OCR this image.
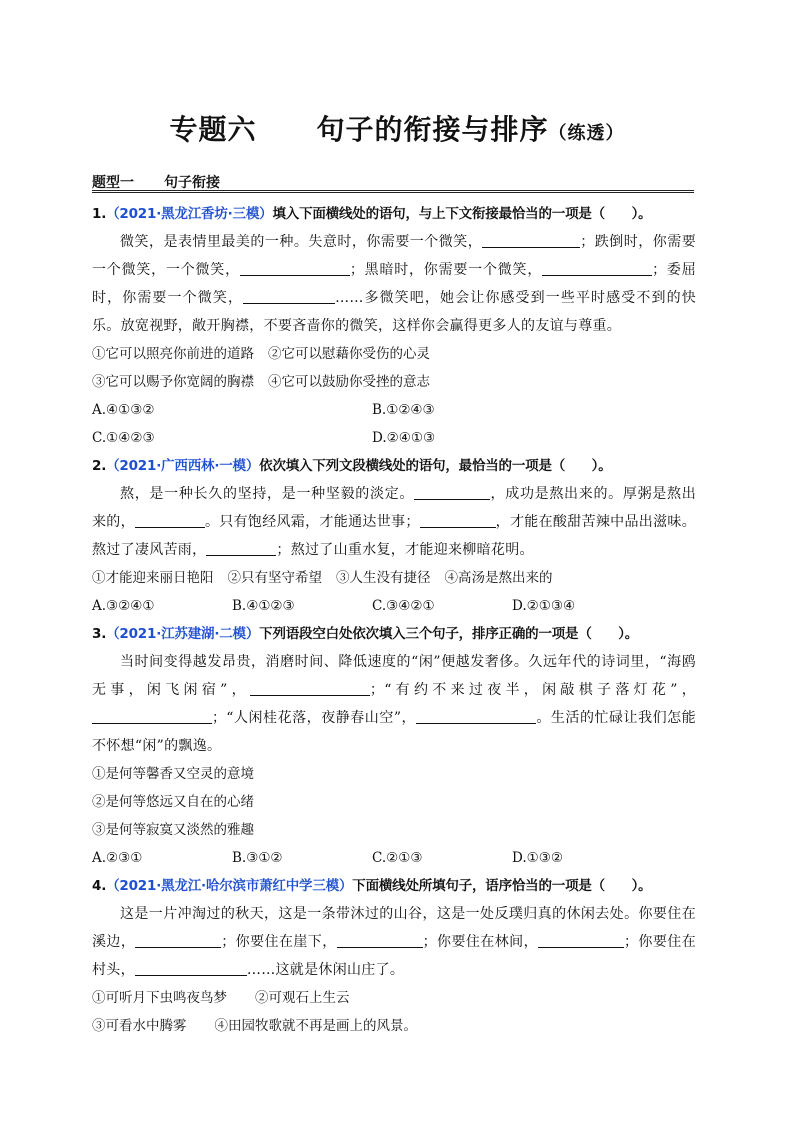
专题六 句子的衔接与排序（练透）
题型一 句子衔接
1.（2021·黑龙江香坊·三模）填入下面横线处的语句，与上下文衔接最恰当的一项是（　　）。
微笑，是表情里最美的一种。失意时，你需要一个微笑，	；跌倒时，你需要一个微笑，一个微笑，	；黑暗时，你需要一个微笑，	；委屈时，你需要一个微笑，	……多微笑吧，她会让你感受到一些平时感受不到的快乐。放宽视野，敞开胸襟，不要吝啬你的微笑，这样你会赢得更多人的友谊与尊重。
①它可以照亮你前进的道路 ②它可以慰藉你受伤的心灵
③它可以赐予你宽阔的胸襟 ④它可以鼓励你受挫的意志
A.④①③②	B.①②④③
C.①④②③	D.②④①③
2.（2021·广西西林·一模）依次填入下列文段横线处的语句，最恰当的一项是（　　）。
熬，是一种长久的坚持，是一种坚毅的淡定。	，成功是熬出来的。厚粥是熬出来的，	。只有饱经风霜，才能通达世事；	，才能在酸甜苦辣中品出滋味。熬过了凄风苦雨，	；熬过了山重水复，才能迎来柳暗花明。
①才能迎来丽日艳阳 ②只有坚守希望 ③人生没有捷径 ④高汤是熬出来的
A.③②④①	B.④①②③	C.③④②①	D.②①③④
3.（2021·江苏建湖·二模）下列语段空白处依次填入三个句子，排序正确的一项是（　　）。
当时间变得越发昂贵，消磨时间、降低速度的“闲”便越发奢侈。久远年代的诗词里，“海鸥无事，闲飞闲宿”，	；“有约不来过夜半，闲敲棋子落灯花”，；“人闲桂花落，夜静春山空”，	。生活的忙碌让我们怎能不怀想“闲”的飘逸。
①是何等馨香又空灵的意境
②是何等悠远又自在的心绪
③是何等寂寞又淡然的雅趣
A.②③①	B.③①②	C.②①③	D.①③②
4.（2021·黑龙江·哈尔滨市萧红中学三模）下面横线处所填句子，语序恰当的一项是（　　）。
这是一片冲淘过的秋天，这是一条带沐过的山谷，这是一处反璞归真的休闲去处。你要住在溪边，	；你要住在崖下，	；你要住在林间，	；你要住在村头，	……这就是休闲山庄了。
①可听月下虫鸣夜鸟梦 ②可观石上生云
③可看水中腾雾 ④田园牧歌就不再是画上的风景。
